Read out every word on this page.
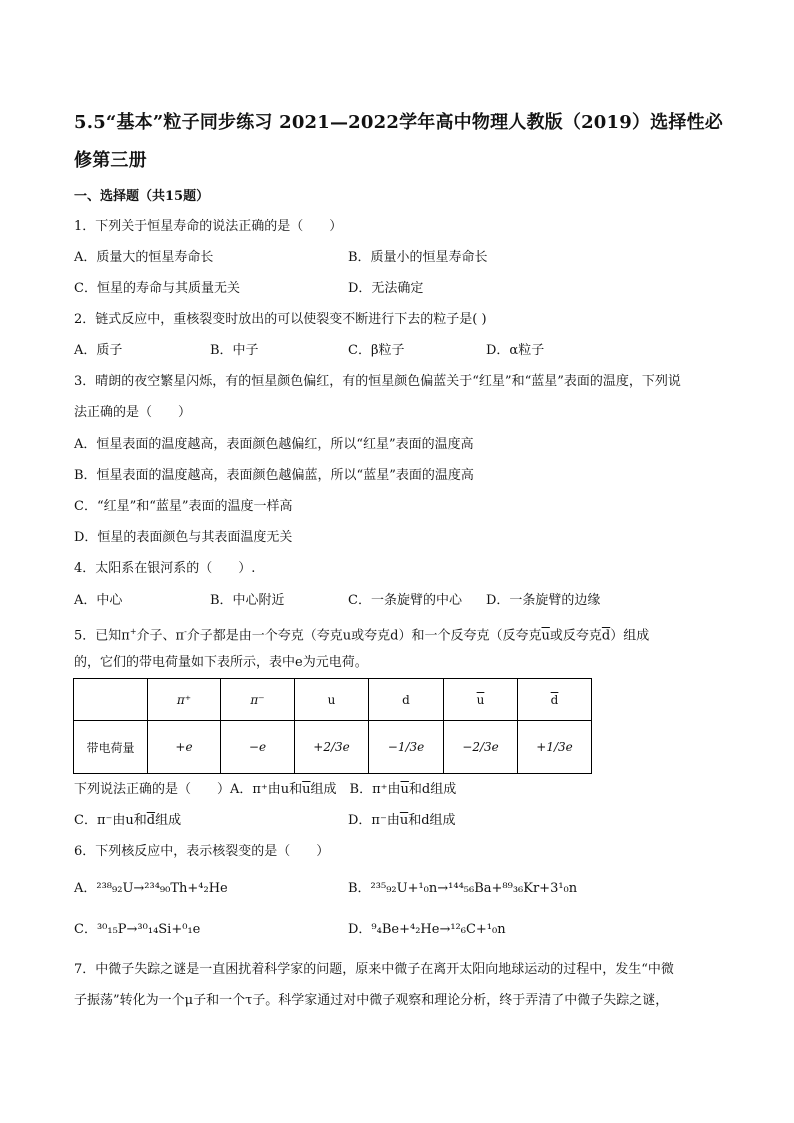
5.5“基本”粒子同步练习 2021—2022学年高中物理人教版（2019）选择性必修第三册
一、选择题（共15题）
1．下列关于恒星寿命的说法正确的是（　　）
A．质量大的恒星寿命长	B．质量小的恒星寿命长
C．恒星的寿命与其质量无关	D．无法确定
2．链式反应中，重核裂变时放出的可以使裂变不断进行下去的粒子是( )
A．质子	B．中子	C．β粒子	D．α粒子
3．晴朗的夜空繁星闪烁，有的恒星颜色偏红，有的恒星颜色偏蓝关于“红星”和“蓝星”表面的温度，下列说
法正确的是（　　）
A．恒星表面的温度越高，表面颜色越偏红，所以“红星”表面的温度高
B．恒星表面的温度越高，表面颜色越偏蓝，所以“蓝星”表面的温度高
C．“红星”和“蓝星”表面的温度一样高
D．恒星的表面颜色与其表面温度无关
4．太阳系在银河系的（　　）.
A．中心	B．中心附近	C．一条旋臂的中心 D．一条旋臂的边缘
5．已知π+介子、π-介子都是由一个夸克（夸克u或夸克d）和一个反夸克（反夸克$\overline{u}$或反夸克$\overline{d}$）组成
的，它们的带电荷量如下表所示，表中e为元电荷。
	π⁺	π⁻	u	d	$\overline{u}$	$\overline{d}$
带电荷量	+e	−e	+2/3e	−1/3e	−2/3e	+1/3e
下列说法正确的是（　　）A．π⁺由u和$\overline{u}$组成　B．π⁺由$\overline{u}$和d组成
C．π⁻由u和$\overline{d}$组成	D．π⁻由$\overline{u}$和d组成
6．下列核反应中，表示核裂变的是（　　）
A．²³⁸₉₂U→²³⁴₉₀Th+⁴₂He	B．²³⁵₉₂U+¹₀n→¹⁴⁴₅₆Ba+⁸⁹₃₆Kr+3¹₀n
C．³⁰₁₅P→³⁰₁₄Si+⁰₁e	D．⁹₄Be+⁴₂He→¹²₆C+¹₀n
7．中微子失踪之谜是一直困扰着科学家的问题，原来中微子在离开太阳向地球运动的过程中，发生“中微
子振荡”转化为一个μ子和一个τ子。科学家通过对中微子观察和理论分析，终于弄清了中微子失踪之谜，
